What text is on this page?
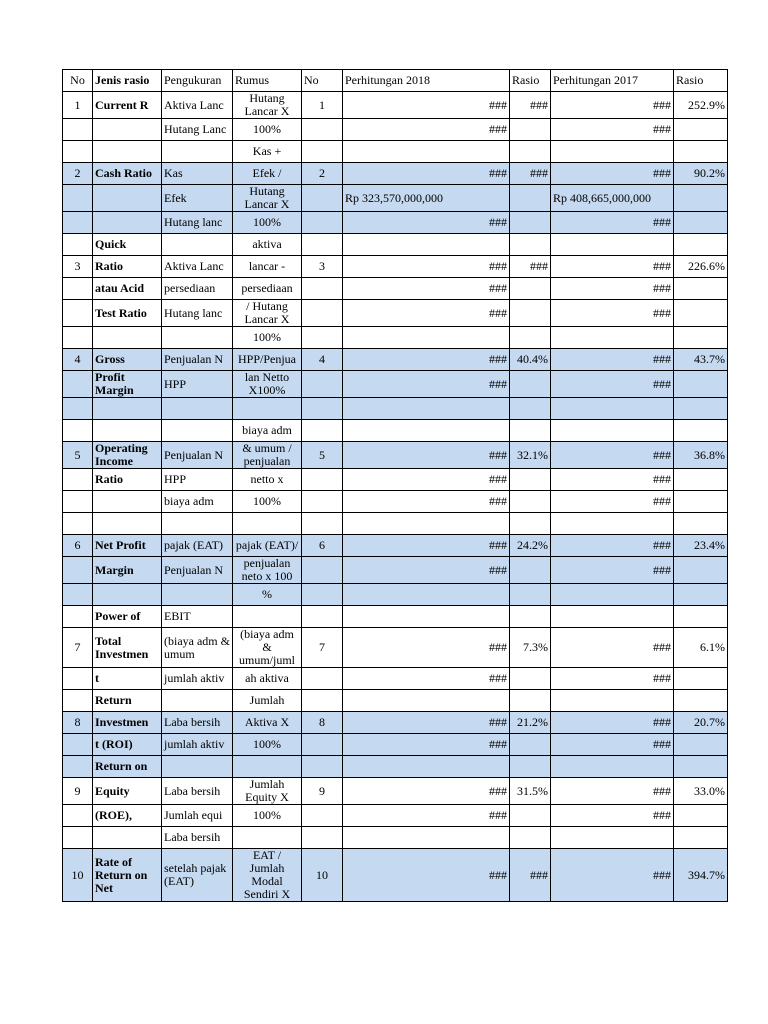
No	Jenis rasio	Pengukuran	Rumus	No	Perhitungan 2018	Rasio	Perhitungan 2017	Rasio
1	Current R	Aktiva Lanc	Hutang Lancar X	1	###	###	###	252.9%
		Hutang Lanc	100%		###		###	
			Kas +					
2	Cash Ratio	Kas	Efek /	2	###	###	###	90.2%
		Efek	Hutang Lancar X		Rp 323,570,000,000		Rp 408,665,000,000	
		Hutang lanc	100%		###		###	
	Quick		aktiva					
3	Ratio	Aktiva Lanc	lancar -	3	###	###	###	226.6%
	atau Acid	persediaan	persediaan		###		###	
	Test Ratio	Hutang lanc	/ Hutang Lancar X		###		###	
			100%					
4	Gross	Penjualan N	HPP/Penjua	4	###	40.4%	###	43.7%
	Profit Margin	HPP	lan Netto X100%		###		###	

			biaya adm					
5	Operating Income	Penjualan N	& umum / penjualan	5	###	32.1%	###	36.8%
	Ratio	HPP	netto x		###		###	
		biaya adm	100%		###		###	

6	Net Profit	pajak (EAT)	pajak (EAT)/	6	###	24.2%	###	23.4%
	Margin	Penjualan N	penjualan neto x 100		###		###	
			%					
	Power of	EBIT						
7	Total Investmen	(biaya adm & umum	(biaya adm & umum/juml	7	###	7.3%	###	6.1%
	t	jumlah aktiv	ah aktiva		###		###	
	Return		Jumlah					
8	Investmen	Laba bersih	Aktiva X	8	###	21.2%	###	20.7%
	t (ROI)	jumlah aktiv	100%		###		###	
	Return on							
9	Equity	Laba bersih	Jumlah Equity X	9	###	31.5%	###	33.0%
	(ROE),	Jumlah equi	100%		###		###	
		Laba bersih						
10	Rate of Return on Net	setelah pajak (EAT)	EAT / Jumlah Modal Sendiri X	10	###	###	###	394.7%
